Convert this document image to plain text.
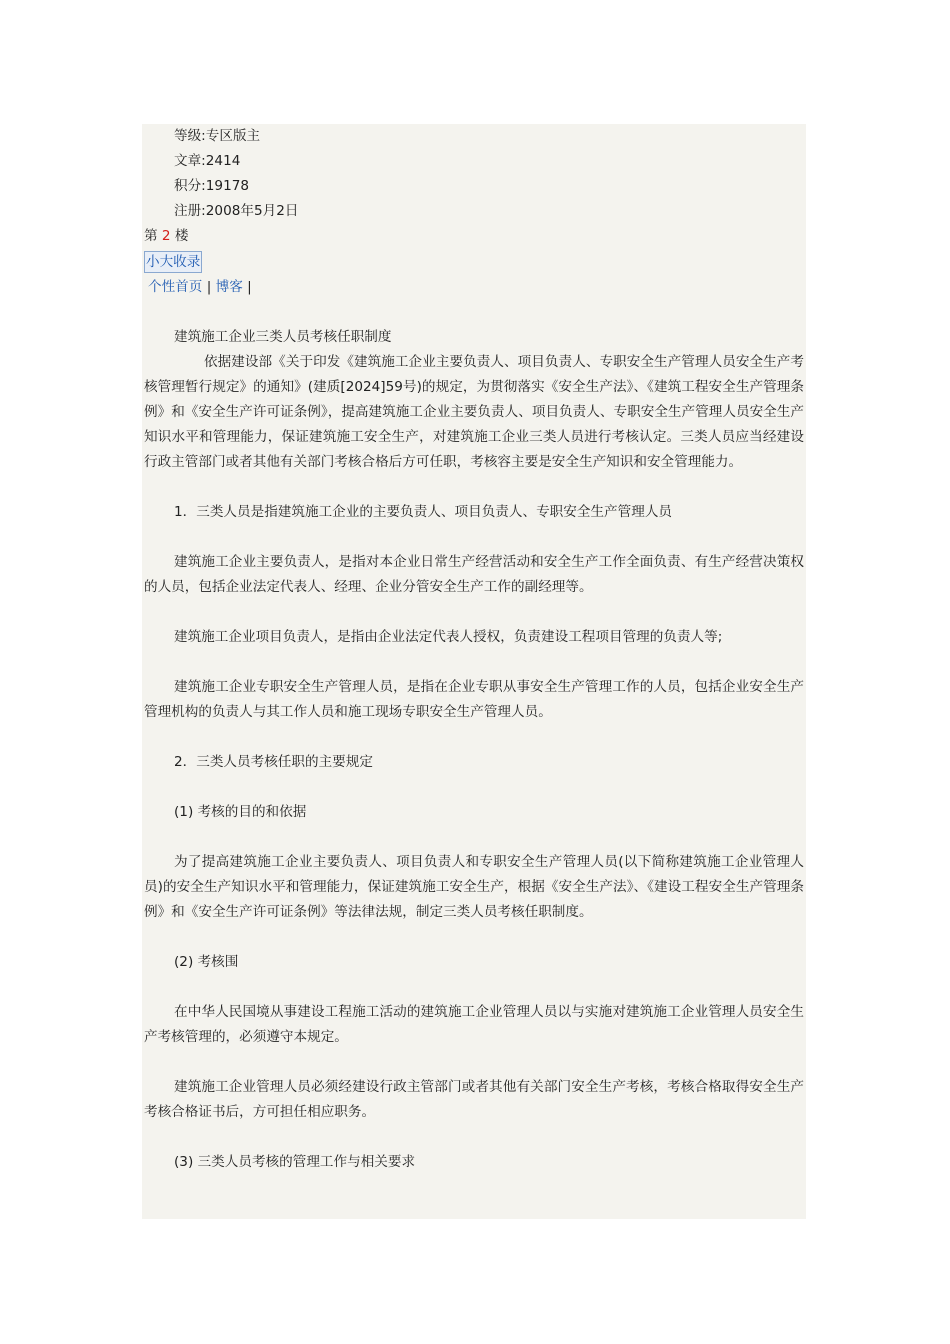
等级:专区版主

文章:2414

积分:19178

注册:2008年5月2日

第 2 楼

小大收录

个性首页 | 博客 |

建筑施工企业三类人员考核任职制度

依据建设部《关于印发《建筑施工企业主要负责人、项目负责人、专职安全生产管理人员安全生产考核管理暂行规定》的通知》(建质[2024]59号)的规定，为贯彻落实《安全生产法》、《建筑工程安全生产管理条例》和《安全生产许可证条例》，提高建筑施工企业主要负责人、项目负责人、专职安全生产管理人员安全生产知识水平和管理能力，保证建筑施工安全生产，对建筑施工企业三类人员进行考核认定。三类人员应当经建设行政主管部门或者其他有关部门考核合格后方可任职，考核容主要是安全生产知识和安全管理能力。

1．三类人员是指建筑施工企业的主要负责人、项目负责人、专职安全生产管理人员

建筑施工企业主要负责人，是指对本企业日常生产经营活动和安全生产工作全面负责、有生产经营决策权的人员，包括企业法定代表人、经理、企业分管安全生产工作的副经理等。

建筑施工企业项目负责人，是指由企业法定代表人授权，负责建设工程项目管理的负责人等;

建筑施工企业专职安全生产管理人员，是指在企业专职从事安全生产管理工作的人员，包括企业安全生产管理机构的负责人与其工作人员和施工现场专职安全生产管理人员。

2．三类人员考核任职的主要规定

(1) 考核的目的和依据

为了提高建筑施工企业主要负责人、项目负责人和专职安全生产管理人员(以下简称建筑施工企业管理人员)的安全生产知识水平和管理能力，保证建筑施工安全生产，根据《安全生产法》、《建设工程安全生产管理条例》和《安全生产许可证条例》等法律法规，制定三类人员考核任职制度。

(2) 考核围

在中华人民国境从事建设工程施工活动的建筑施工企业管理人员以与实施对建筑施工企业管理人员安全生产考核管理的，必须遵守本规定。

建筑施工企业管理人员必须经建设行政主管部门或者其他有关部门安全生产考核，考核合格取得安全生产考核合格证书后，方可担任相应职务。

(3) 三类人员考核的管理工作与相关要求
